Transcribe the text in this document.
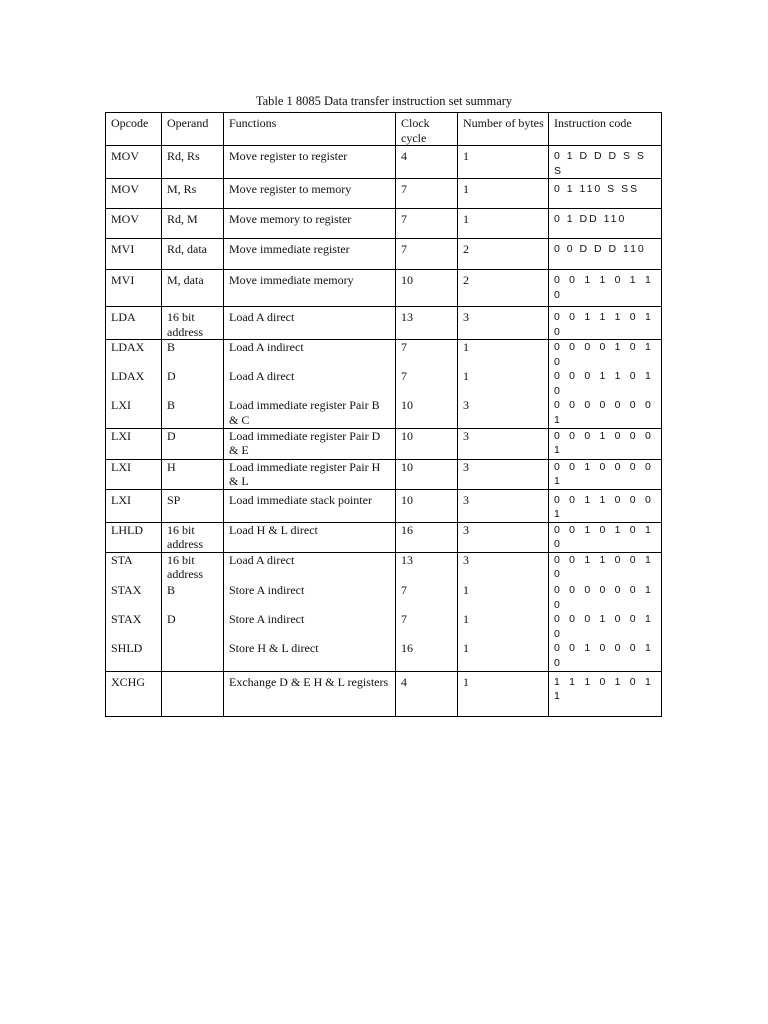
Table 1 8085 Data transfer instruction set summary
Opcode	Operand	Functions	Clock cycle	Number of bytes	Instruction code
MOV	Rd, Rs	Move register to register	4	1	0 1 D D D S S S
MOV	M, Rs	Move register to memory	7	1	0 1 110 S SS
MOV	Rd, M	Move memory to register	7	1	0 1 DD 110
MVI	Rd, data	Move immediate register	7	2	0 0 D D D 110
MVI	M, data	Move immediate memory	10	2	0 0 1 1 0 1 1 0
LDA	16 bit address	Load A direct	13	3	0 0 1 1 1 0 1 0
LDAX	B	Load A indirect	7	1	0 0 0 0 1 0 1 0
LDAX	D	Load A direct	7	1	0 0 0 1 1 0 1 0
LXI	B	Load immediate register Pair B & C	10	3	0 0 0 0 0 0 0 1
LXI	D	Load immediate register Pair D & E	10	3	0 0 0 1 0 0 0 1
LXI	H	Load immediate register Pair H & L	10	3	0 0 1 0 0 0 0 1
LXI	SP	Load immediate stack pointer	10	3	0 0 1 1 0 0 0 1
LHLD	16 bit address	Load H & L direct	16	3	0 0 1 0 1 0 1 0
STA	16 bit address	Load A direct	13	3	0 0 1 1 0 0 1 0
STAX	B	Store A indirect	7	1	0 0 0 0 0 0 1 0
STAX	D	Store A indirect	7	1	0 0 0 1 0 0 1 0
SHLD		Store H & L direct	16	1	0 0 1 0 0 0 1 0
XCHG		Exchange D & E H & L registers	4	1	1 1 1 0 1 0 1 1
